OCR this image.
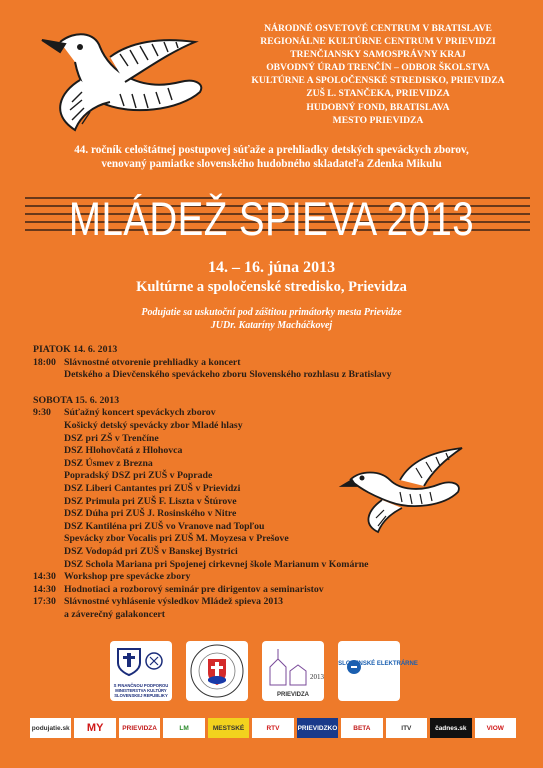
NÁRODNÉ OSVETOVÉ CENTRUM V BRATISLAVE
REGIONÁLNE KULTÚRNE CENTRUM V PRIEVIDZI
TRENČIANSKY SAMOSPRÁVNY KRAJ
OBVODNÝ ÚRAD TRENČÍN – ODBOR ŠKOLSTVA
KULTÚRNE A SPOLOČENSKÉ STREDISKO, PRIEVIDZA
ZUŠ L. STANČEKA, PRIEVIDZA
HUDOBNÝ FOND, BRATISLAVA
MESTO PRIEVIDZA
44. ročník celoštátnej postupovej súťaže a prehliadky detských speváckych zborov,
venovaný pamiatke slovenského hudobného skladateľa Zdenka Mikulu
MLÁDEŽ SPIEVA 2013
14. – 16. júna 2013
Kultúrne a spoločenské stredisko, Prievidza
Podujatie sa uskutoční pod záštitou primátorky mesta Prievidze
JUDr. Kataríny Macháčkovej
PIATOK 14. 6. 2013
18:00 Slávnostné otvorenie prehliadky a koncert
Detského a Dievčenského speváckeho zboru Slovenského rozhlasu z Bratislavy
SOBOTA 15. 6. 2013
9:30	Súťažný koncert speváckych zborov
Košický detský spevácky zbor Mladé hlasy
DSZ pri ZŠ v Trenčíne
DSZ Hlohovčatá z Hlohovca
DSZ Úsmev z Brezna
Popradský DSZ pri ZUŠ v Poprade
DSZ Liberi Cantantes pri ZUŠ v Prievidzi
DSZ Primula pri ZUŠ F. Liszta v Štúrove
DSZ Dúha pri ZUŠ J. Rosinského v Nitre
DSZ Kantiléna pri ZUŠ vo Vranove nad Topľou
Spevácky zbor Vocalis pri ZUŠ M. Moyzesa v Prešove
DSZ Vodopád pri ZUŠ v Banskej Bystrici
DSZ Schola Mariana pri Spojenej cirkevnej škole Marianum v Komárne
14:30 Workshop pre spevácke zbory
14:30 Hodnotiaci a rozborový seminár pre dirigentov a seminaristov
17:30 Slávnostné vyhlásenie výsledkov Mládež spieva 2013
a záverečný galakoncert
S FINANČNOU PODPOROU MINISTERSTVA KULTÚRY SLOVENSKEJ REPUBLIKY
2013
PRIEVIDZA
SLOVENSKÉ ELEKTRÁRNE
podujatie.sk	MY	PRIEVIDZA	LM	MESTSKÉ	RTV	PRIEVIDZKO	BETA	ITV	čadnes.sk	VIOW
